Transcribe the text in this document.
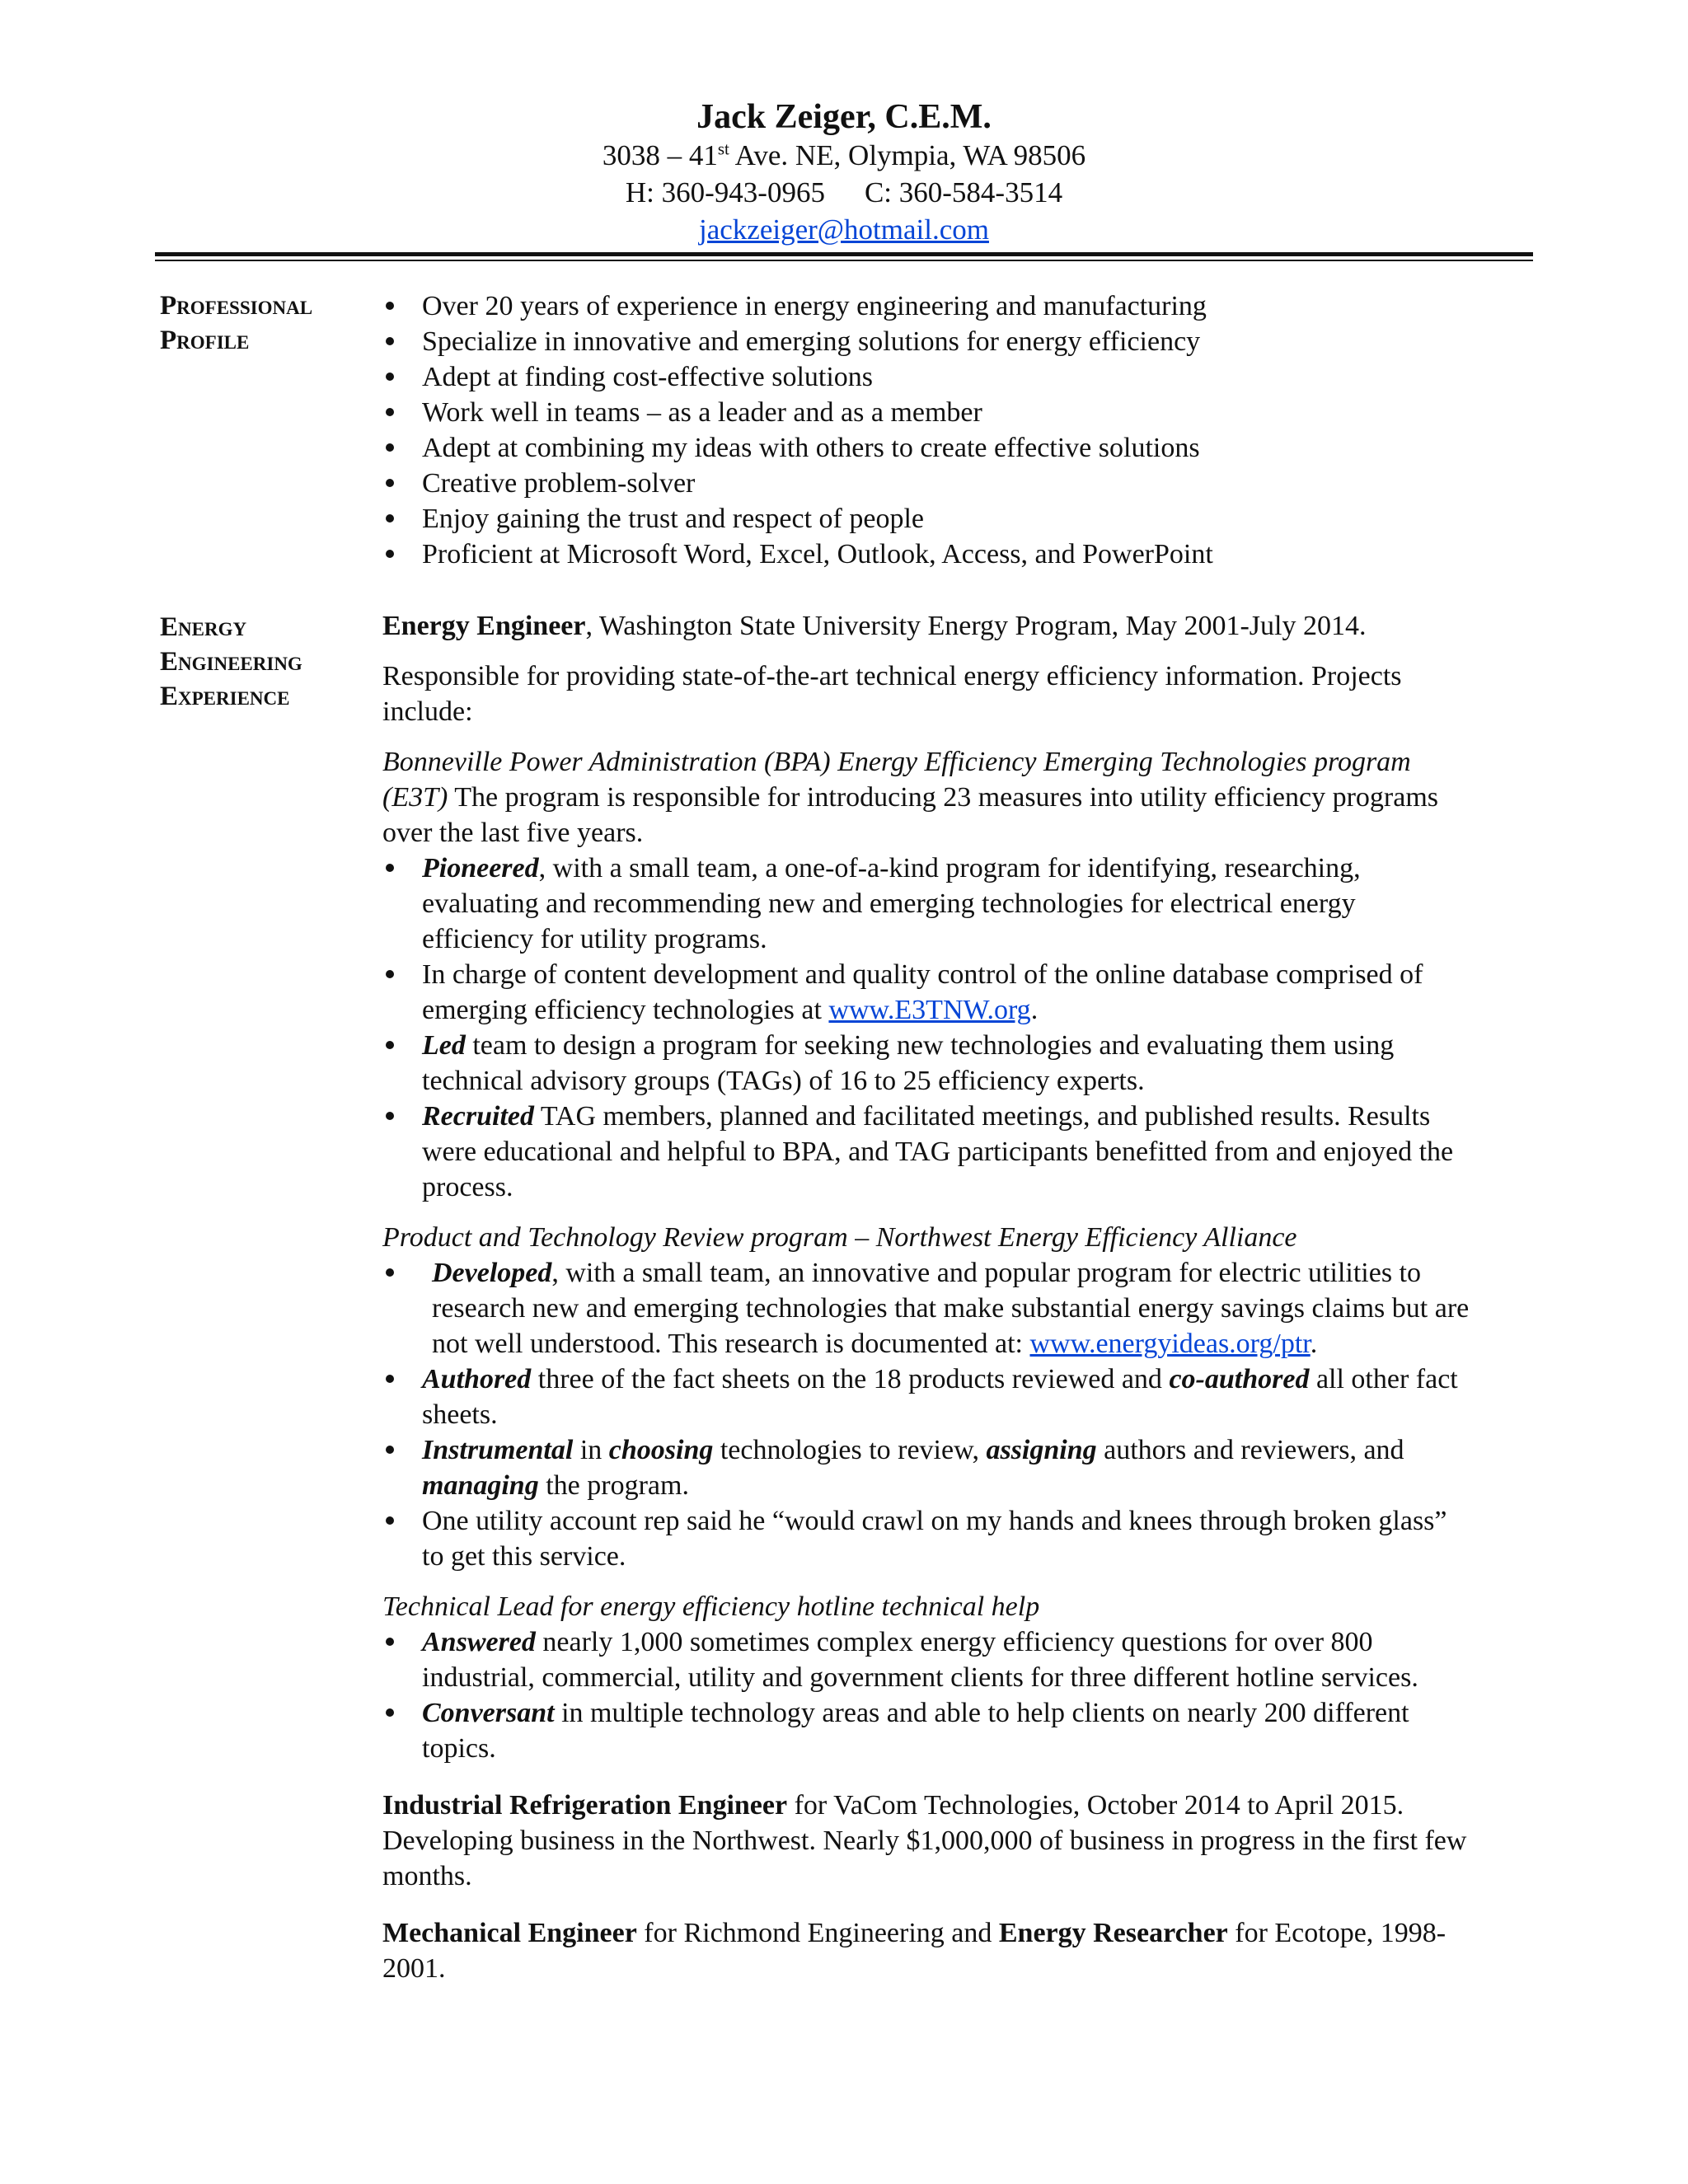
Jack Zeiger, C.E.M.
3038 – 41st Ave. NE, Olympia, WA 98506
H: 360-943-0965 C: 360-584-3514
jackzeiger@hotmail.com
Professional
Profile
Over 20 years of experience in energy engineering and manufacturing
Specialize in innovative and emerging solutions for energy efficiency
Adept at finding cost-effective solutions
Work well in teams – as a leader and as a member
Adept at combining my ideas with others to create effective solutions
Creative problem-solver
Enjoy gaining the trust and respect of people
Proficient at Microsoft Word, Excel, Outlook, Access, and PowerPoint
Energy
Engineering
Experience

Energy Engineer, Washington State University Energy Program, May 2001-July 2014.

Responsible for providing state-of-the-art technical energy efficiency information. Projects include:

Bonneville Power Administration (BPA) Energy Efficiency Emerging Technologies program (E3T) The program is responsible for introducing 23 measures into utility efficiency programs over the last five years.

Pioneered, with a small team, a one-of-a-kind program for identifying, researching, evaluating and recommending new and emerging technologies for electrical energy efficiency for utility programs.
In charge of content development and quality control of the online database comprised of emerging efficiency technologies at www.E3TNW.org.
Led team to design a program for seeking new technologies and evaluating them using technical advisory groups (TAGs) of 16 to 25 efficiency experts.
Recruited TAG members, planned and facilitated meetings, and published results. Results were educational and helpful to BPA, and TAG participants benefitted from and enjoyed the process.

Product and Technology Review program – Northwest Energy Efficiency Alliance

Developed, with a small team, an innovative and popular program for electric utilities to research new and emerging technologies that make substantial energy savings claims but are not well understood. This research is documented at: www.energyideas.org/ptr.
Authored three of the fact sheets on the 18 products reviewed and co-authored all other fact sheets.
Instrumental in choosing technologies to review, assigning authors and reviewers, and managing the program.
One utility account rep said he “would crawl on my hands and knees through broken glass” to get this service.

Technical Lead for energy efficiency hotline technical help

Answered nearly 1,000 sometimes complex energy efficiency questions for over 800 industrial, commercial, utility and government clients for three different hotline services.
Conversant in multiple technology areas and able to help clients on nearly 200 different topics.

Industrial Refrigeration Engineer for VaCom Technologies, October 2014 to April 2015. Developing business in the Northwest. Nearly $1,000,000 of business in progress in the first few months.

Mechanical Engineer for Richmond Engineering and Energy Researcher for Ecotope, 1998-2001.
